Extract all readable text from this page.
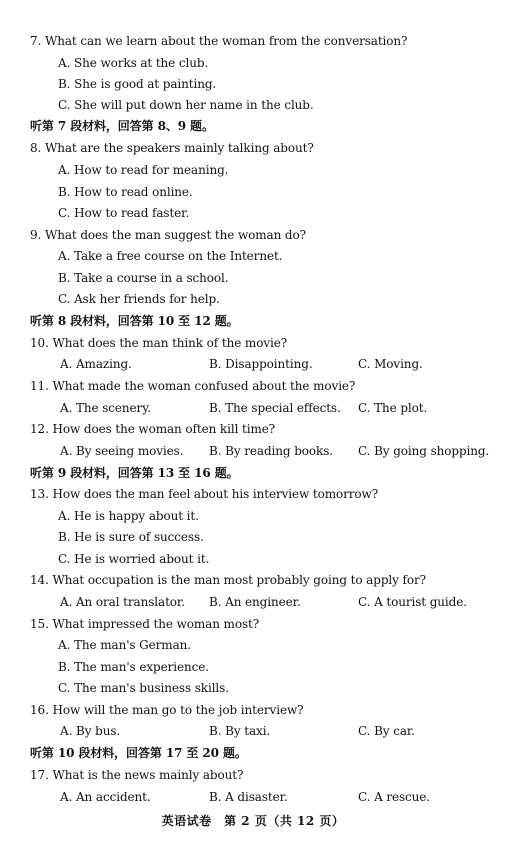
7. What can we learn about the woman from the conversation?
A. She works at the club.
B. She is good at painting.
C. She will put down her name in the club.
听第 7 段材料，回答第 8、9 题。
8. What are the speakers mainly talking about?
A. How to read for meaning.
B. How to read online.
C. How to read faster.
9. What does the man suggest the woman do?
A. Take a free course on the Internet.
B. Take a course in a school.
C. Ask her friends for help.
听第 8 段材料，回答第 10 至 12 题。
10. What does the man think of the movie?
A. Amazing.	B. Disappointing.	C. Moving.
11. What made the woman confused about the movie?
A. The scenery.	B. The special effects. C. The plot.
12. How does the woman often kill time?
A. By seeing movies. B. By reading books. C. By going shopping.
听第 9 段材料，回答第 13 至 16 题。
13. How does the man feel about his interview tomorrow?
A. He is happy about it.
B. He is sure of success.
C. He is worried about it.
14. What occupation is the man most probably going to apply for?
A. An oral translator. B. An engineer.	C. A tourist guide.
15. What impressed the woman most?
A. The man's German.
B. The man's experience.
C. The man's business skills.
16. How will the man go to the job interview?
A. By bus.	B. By taxi.	C. By car.
听第 10 段材料，回答第 17 至 20 题。
17. What is the news mainly about?
A. An accident.	B. A disaster.	C. A rescue.
英语试卷　第 2 页（共 12 页）
